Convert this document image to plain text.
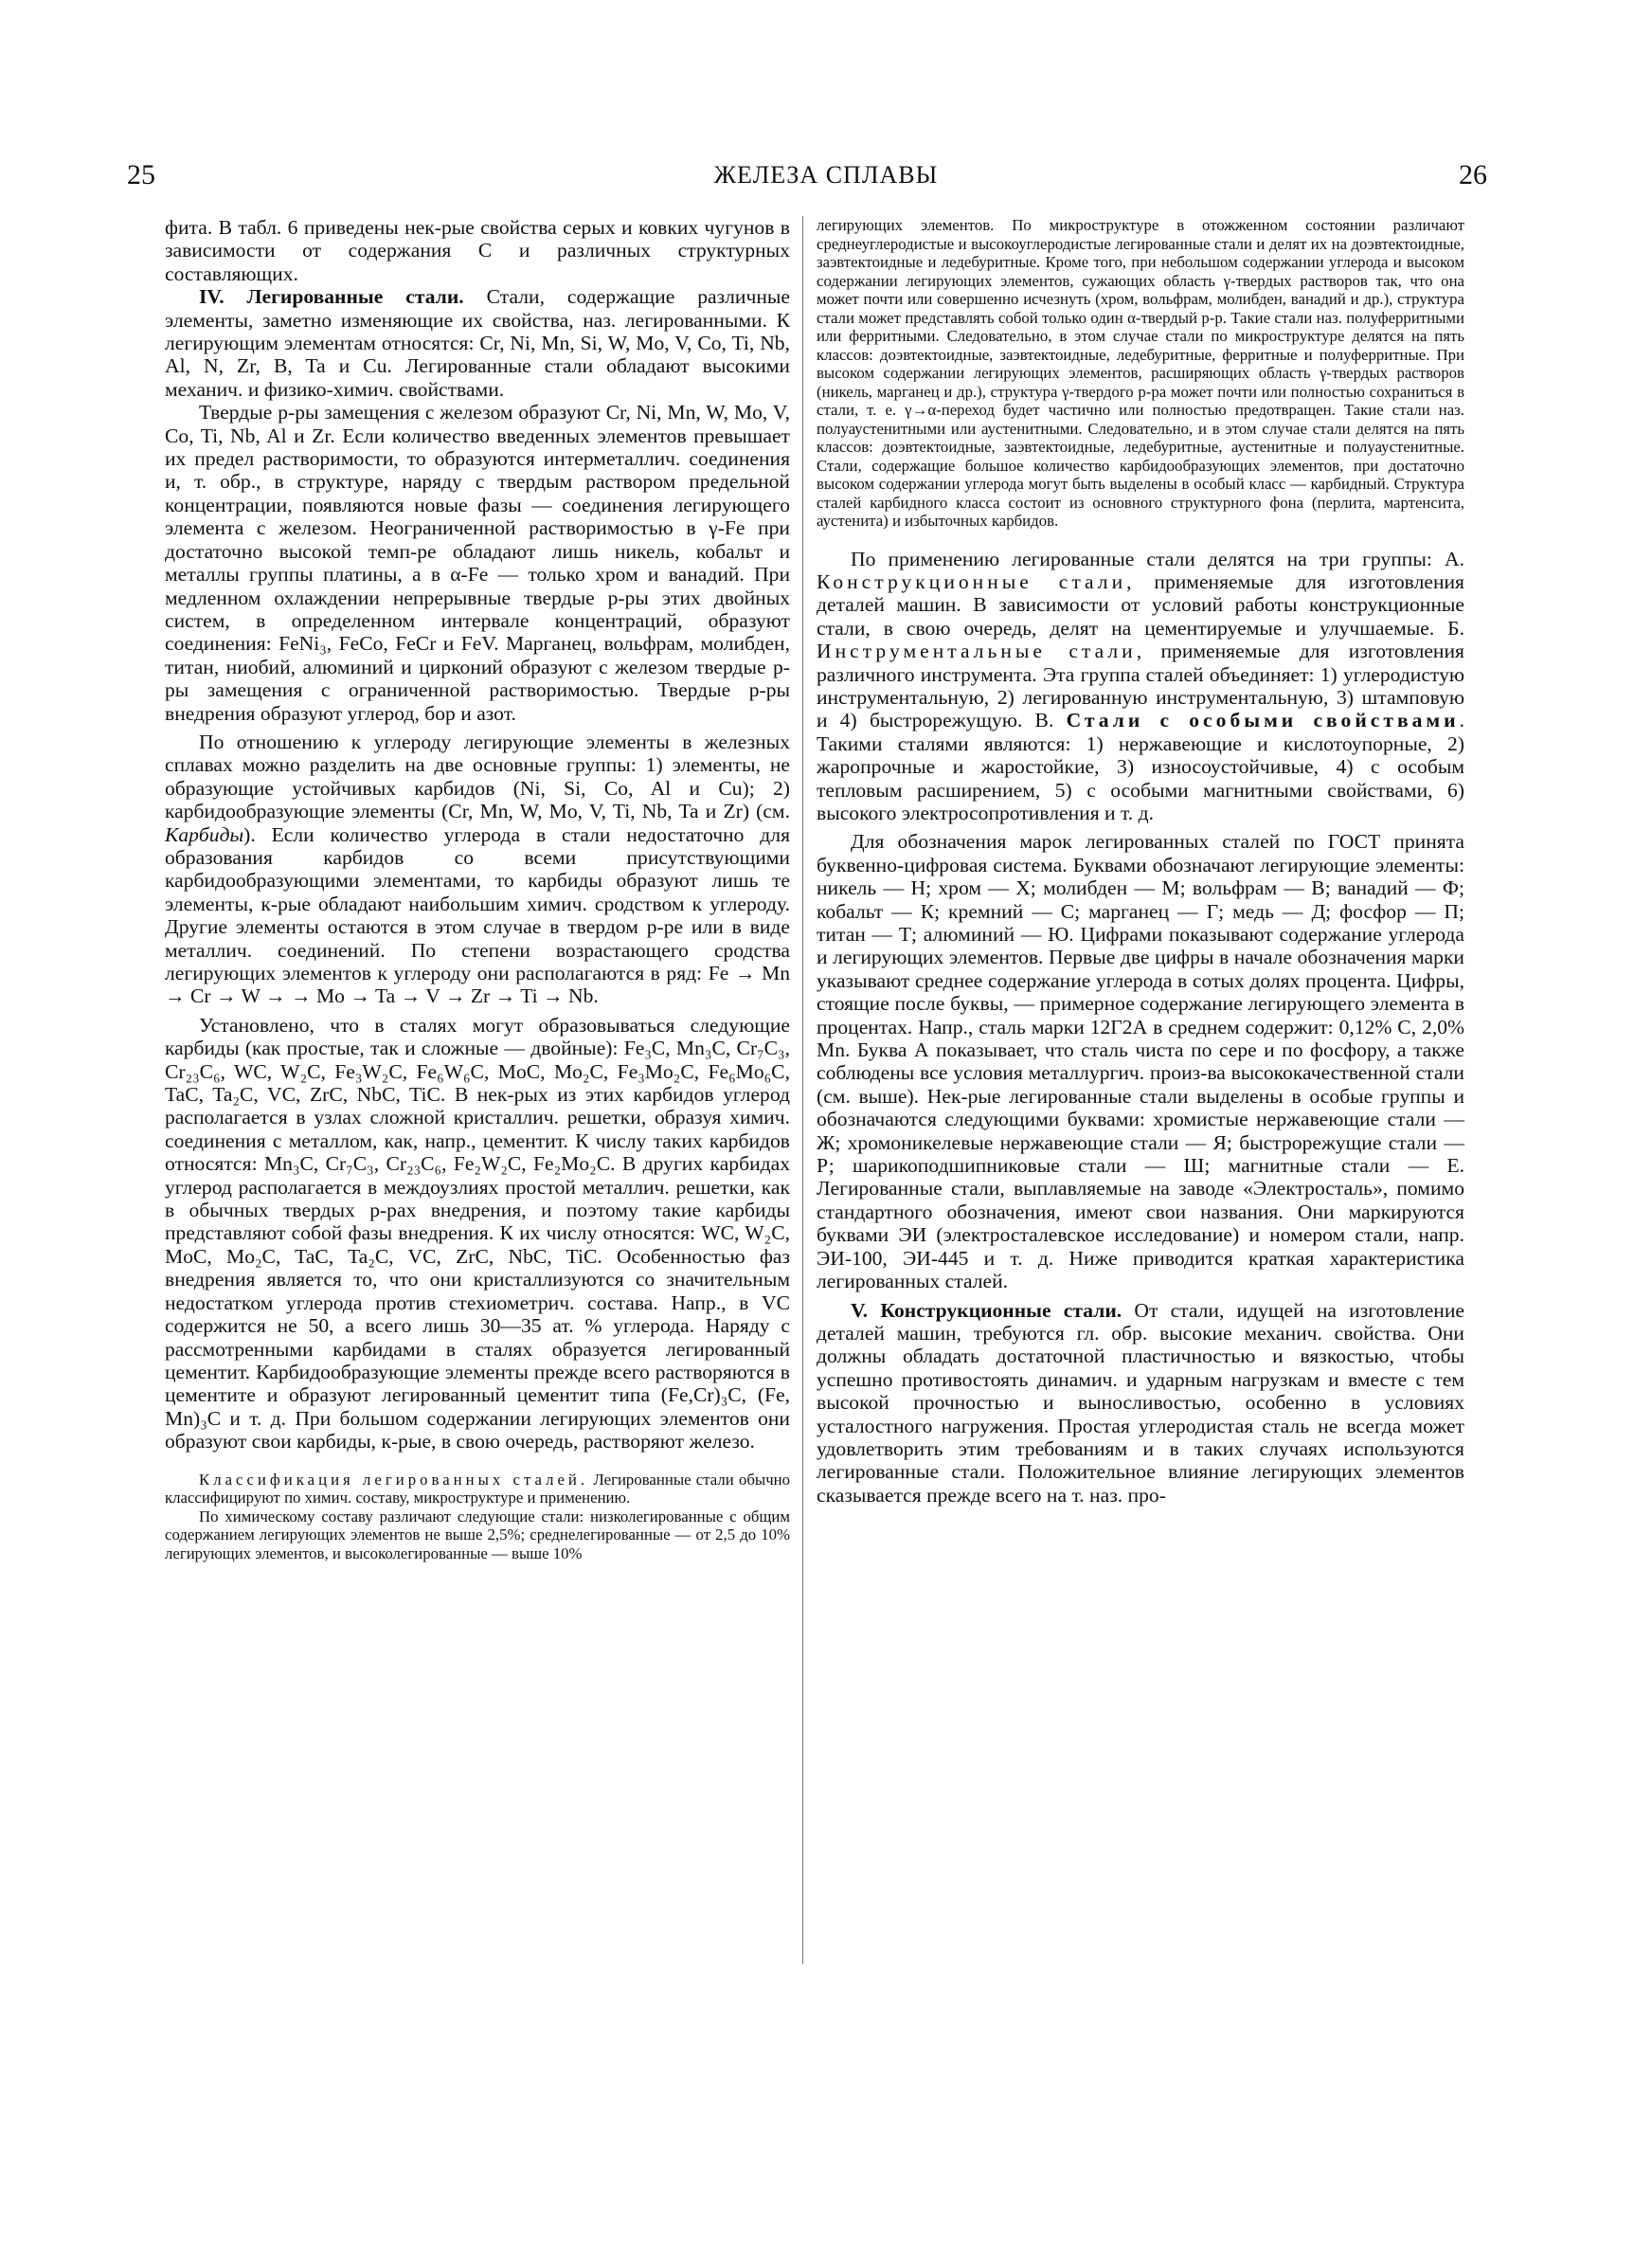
25	ЖЕЛЕЗА СПЛАВЫ	26

фита. В табл. 6 приведены нек-рые свойства серых и ковких чугунов в зависимости от содержания С и различных структурных составляющих.

IV. Легированные стали. Стали, содержащие различные элементы, заметно изменяющие их свойства, наз. легированными. К легирующим элементам относятся: Cr, Ni, Mn, Si, W, Mo, V, Co, Ti, Nb, Al, N, Zr, B, Ta и Cu. Легированные стали обладают высокими механич. и физико-химич. свойствами.

Твердые р-ры замещения с железом образуют Cr, Ni, Mn, W, Mo, V, Co, Ti, Nb, Al и Zr. Если количество введенных элементов превышает их предел растворимости, то образуются интерметаллич. соединения и, т. обр., в структуре, наряду с твердым раствором предельной концентрации, появляются новые фазы — соединения легирующего элемента с железом. Неограниченной растворимостью в γ-Fe при достаточно высокой темп-ре обладают лишь никель, кобальт и металлы группы платины, а в α-Fe — только хром и ванадий. При медленном охлаждении непрерывные твердые р-ры этих двойных систем, в определенном интервале концентраций, образуют соединения: FeNi₃, FeCo, FeCr и FeV. Марганец, вольфрам, молибден, титан, ниобий, алюминий и цирконий образуют с железом твердые р-ры замещения с ограниченной растворимостью. Твердые р-ры внедрения образуют углерод, бор и азот.

По отношению к углероду легирующие элементы в железных сплавах можно разделить на две основные группы: 1) элементы, не образующие устойчивых карбидов (Ni, Si, Co, Al и Cu); 2) карбидообразующие элементы (Cr, Mn, W, Mo, V, Ti, Nb, Ta и Zr) (см. Карбиды). Если количество углерода в стали недостаточно для образования карбидов со всеми присутствующими карбидообразующими элементами, то карбиды образуют лишь те элементы, к-рые обладают наибольшим химич. сродством к углероду. Другие элементы остаются в этом случае в твердом р-ре или в виде металлич. соединений. По степени возрастающего сродства легирующих элементов к углероду они располагаются в ряд: Fe → Mn → Cr → W → → Mo → Ta → V → Zr → Ti → Nb.

Установлено, что в сталях могут образовываться следующие карбиды (как простые, так и сложные — двойные): Fe₃C, Mn₃C, Cr₇C₃, Cr₂₃C₆, WC, W₂C, Fe₃W₂C, Fe₆W₆C, MoC, Mo₂C, Fe₃Mo₂C, Fe₆Mo₆C, TaC, Ta₂C, VC, ZrC, NbC, TiC. В нек-рых из этих карбидов углерод располагается в узлах сложной кристаллич. решетки, образуя химич. соединения с металлом, как, напр., цементит. К числу таких карбидов относятся: Mn₃C, Cr₇C₃, Cr₂₃C₆, Fe₂W₂C, Fe₂Mo₂C. В других карбидах углерод располагается в междоузлиях простой металлич. решетки, как в обычных твердых р-рах внедрения, и поэтому такие карбиды представляют собой фазы внедрения. К их числу относятся: WC, W₂C, MoC, Mo₂C, TaC, Ta₂C, VC, ZrC, NbC, TiC. Особенностью фаз внедрения является то, что они кристаллизуются со значительным недостатком углерода против стехиометрич. состава. Напр., в VC содержится не 50, а всего лишь 30—35 ат. % углерода. Наряду с рассмотренными карбидами в сталях образуется легированный цементит. Карбидообразующие элементы прежде всего растворяются в цементите и образуют легированный цементит типа (Fe,Cr)₃C, (Fe, Mn)₃C и т. д. При большом содержании легирующих элементов они образуют свои карбиды, к-рые, в свою очередь, растворяют железо.

Классификация легированных сталей. Легированные стали обычно классифицируют по химич. составу, микроструктуре и применению.

По химическому составу различают следующие стали: низколегированные с общим содержанием легирующих элементов не выше 2,5%; среднелегированные — от 2,5 до 10% легирующих элементов, и высоколегированные — выше 10%

легирующих элементов. По микроструктуре в отожженном состоянии различают среднеуглеродистые и высокоуглеродистые легированные стали и делят их на доэвтектоидные, заэвтектоидные и ледебуритные. Кроме того, при небольшом содержании углерода и высоком содержании легирующих элементов, сужающих область γ-твердых растворов так, что она может почти или совершенно исчезнуть (хром, вольфрам, молибден, ванадий и др.), структура стали может представлять собой только один α-твердый р-р. Такие стали наз. полуферритными или ферритными. Следовательно, в этом случае стали по микроструктуре делятся на пять классов: доэвтектоидные, заэвтектоидные, ледебуритные, ферритные и полуферритные. При высоком содержании легирующих элементов, расширяющих область γ-твердых растворов (никель, марганец и др.), структура γ-твердого р-ра может почти или полностью сохраниться в стали, т. е. γ→α-переход будет частично или полностью предотвращен. Такие стали наз. полуаустенитными или аустенитными. Следовательно, и в этом случае стали делятся на пять классов: доэвтектоидные, заэвтектоидные, ледебуритные, аустенитные и полуаустенитные. Стали, содержащие большое количество карбидообразующих элементов, при достаточно высоком содержании углерода могут быть выделены в особый класс — карбидный. Структура сталей карбидного класса состоит из основного структурного фона (перлита, мартенсита, аустенита) и избыточных карбидов.

По применению легированные стали делятся на три группы: А. Конструкционные стали, применяемые для изготовления деталей машин. В зависимости от условий работы конструкционные стали, в свою очередь, делят на цементируемые и улучшаемые. Б. Инструментальные стали, применяемые для изготовления различного инструмента. Эта группа сталей объединяет: 1) углеродистую инструментальную, 2) легированную инструментальную, 3) штамповую и 4) быстрорежущую. В. Стали с особыми свойствами. Такими сталями являются: 1) нержавеющие и кислотоупорные, 2) жаропрочные и жаростойкие, 3) износоустойчивые, 4) с особым тепловым расширением, 5) с особыми магнитными свойствами, 6) высокого электросопротивления и т. д.

Для обозначения марок легированных сталей по ГОСТ принята буквенно-цифровая система. Буквами обозначают легирующие элементы: никель — Н; хром — Х; молибден — М; вольфрам — В; ванадий — Ф; кобальт — К; кремний — С; марганец — Г; медь — Д; фосфор — П; титан — Т; алюминий — Ю. Цифрами показывают содержание углерода и легирующих элементов. Первые две цифры в начале обозначения марки указывают среднее содержание углерода в сотых долях процента. Цифры, стоящие после буквы, — примерное содержание легирующего элемента в процентах. Напр., сталь марки 12Г2А в среднем содержит: 0,12% С, 2,0% Mn. Буква А показывает, что сталь чиста по сере и по фосфору, а также соблюдены все условия металлургич. произ-ва высококачественной стали (см. выше). Нек-рые легированные стали выделены в особые группы и обозначаются следующими буквами: хромистые нержавеющие стали — Ж; хромоникелевые нержавеющие стали — Я; быстрорежущие стали — Р; шарикоподшипниковые стали — Ш; магнитные стали — Е. Легированные стали, выплавляемые на заводе «Электросталь», помимо стандартного обозначения, имеют свои названия. Они маркируются буквами ЭИ (электросталевское исследование) и номером стали, напр. ЭИ-100, ЭИ-445 и т. д. Ниже приводится краткая характеристика легированных сталей.

V. Конструкционные стали. От стали, идущей на изготовление деталей машин, требуются гл. обр. высокие механич. свойства. Они должны обладать достаточной пластичностью и вязкостью, чтобы успешно противостоять динамич. и ударным нагрузкам и вместе с тем высокой прочностью и выносливостью, особенно в условиях усталостного нагружения. Простая углеродистая сталь не всегда может удовлетворить этим требованиям и в таких случаях используются легированные стали. Положительное влияние легирующих элементов сказывается прежде всего на т. наз. про-
